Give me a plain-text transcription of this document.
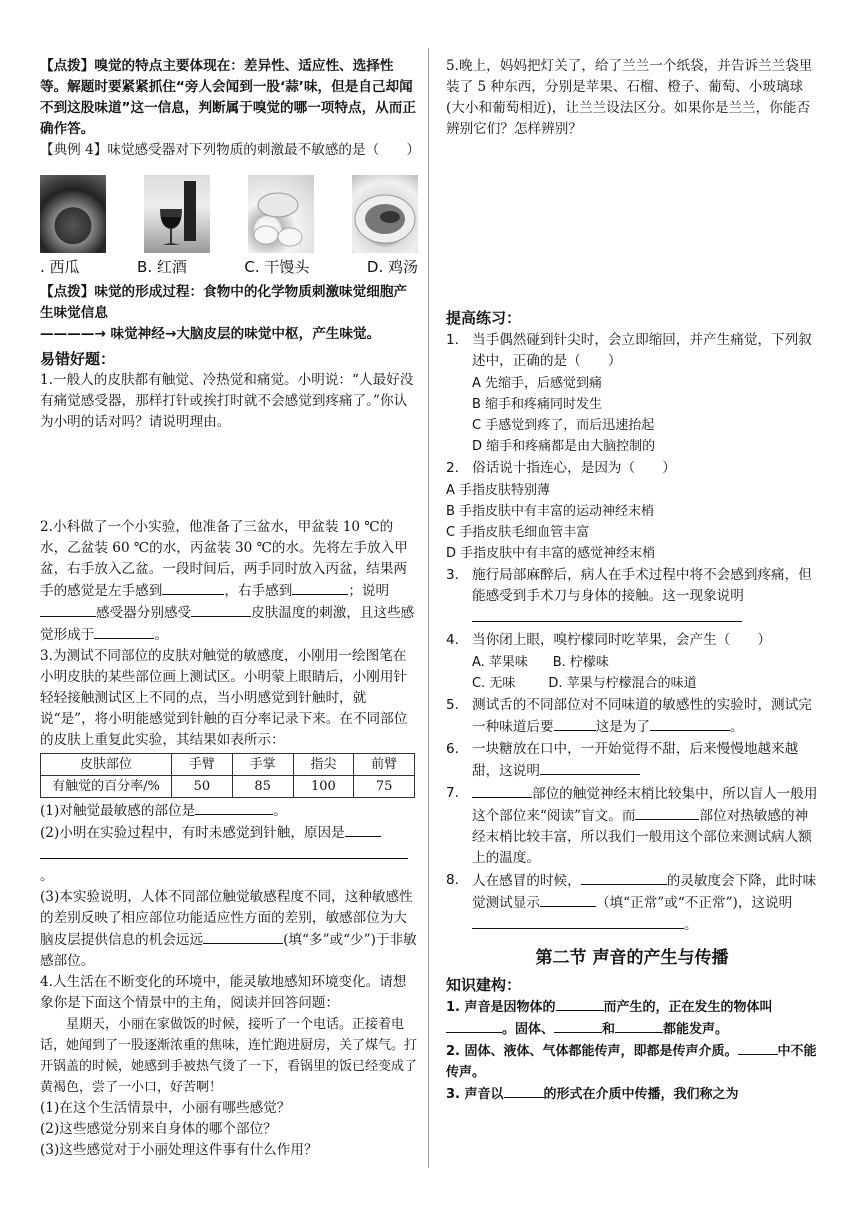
【点拨】嗅觉的特点主要体现在：差异性、适应性、选择性等。解题时要紧紧抓住“旁人会闻到一股‘蒜’味，但是自己却闻不到这股味道”这一信息，判断属于嗅觉的哪一项特点，从而正确作答。

【典例 4】味觉感受器对下列物质的刺激最不敏感的是（　　）

. 西瓜	B. 红酒	C. 干馒头	D. 鸡汤

【点拨】味觉的形成过程：食物中的化学物质刺激味觉细胞产生味觉信息

————→ 味觉神经→大脑皮层的味觉中枢，产生味觉。

易错好题：

1.一般人的皮肤都有触觉、冷热觉和痛觉。小明说：“人最好没有痛觉感受器，那样打针或挨打时就不会感觉到疼痛了。”你认为小明的话对吗？请说明理由。

2.小科做了一个小实验，他准备了三盆水，甲盆装 10 ℃的水，乙盆装 60 ℃的水，丙盆装 30 ℃的水。先将左手放入甲盆，右手放入乙盆。一段时间后，两手同时放入丙盆，结果两手的感觉是左手感到	，右手感到	；说明感受器分别感受	皮肤温度的刺激，且这些感觉形成于	。

3.为测试不同部位的皮肤对触觉的敏感度，小刚用一绘图笔在小明皮肤的某些部位画上测试区。小明蒙上眼睛后，小刚用针轻轻接触测试区上不同的点，当小明感觉到针触时，就说“是”，将小明能感觉到针触的百分率记录下来。在不同部位的皮肤上重复此实验，其结果如表所示：

皮肤部位	手臂	手掌	指尖	前臂
有触觉的百分率/%	50	85	100	75

(1)对触觉最敏感的部位是	。

(2)小明在实验过程中，有时未感觉到针触，原因是
。

(3)本实验说明，人体不同部位触觉敏感程度不同，这种敏感性的差别反映了相应部位功能适应性方面的差别，敏感部位为大脑皮层提供信息的机会远远	(填“多”或“少”)于非敏感部位。

4.人生活在不断变化的环境中，能灵敏地感知环境变化。请想象你是下面这个情景中的主角，阅读并回答问题：

星期天，小丽在家做饭的时候，接听了一个电话。正接着电话，她闻到了一股逐渐浓重的焦味，连忙跑进厨房，关了煤气。打开锅盖的时候，她感到手被热气烫了一下，看锅里的饭已经变成了黄褐色，尝了一小口，好苦啊！

(1)在这个生活情景中，小丽有哪些感觉？

(2)这些感觉分别来自身体的哪个部位？

(3)这些感觉对于小丽处理这件事有什么作用？

5.晚上，妈妈把灯关了，给了兰兰一个纸袋，并告诉兰兰袋里装了 5 种东西，分别是苹果、石榴、橙子、葡萄、小玻璃球(大小和葡萄相近)，让兰兰设法区分。如果你是兰兰，你能否辨别它们？怎样辨别？

提高练习：

1. 当手偶然碰到针尖时，会立即缩回，并产生痛觉，下列叙述中，正确的是（　　）

A 先缩手，后感觉到痛

B 缩手和疼痛同时发生

C 手感觉到疼了，而后迅速抬起

D 缩手和疼痛都是由大脑控制的

2. 俗话说十指连心，是因为（　　）

A 手指皮肤特别薄

B 手指皮肤中有丰富的运动神经末梢

C 手指皮肤毛细血管丰富

D 手指皮肤中有丰富的感觉神经末梢

3. 施行局部麻醉后，病人在手术过程中将不会感到疼痛，但能感受到手术刀与身体的接触。这一现象说明
4. 当你闭上眼，嗅柠檬同时吃苹果，会产生（　　）

A. 苹果味 B. 柠檬味

C. 无味	D. 苹果与柠檬混合的味道

5. 测试舌的不同部位对不同味道的敏感性的实验时，测试完一种味道后要	这是为了	。
6. 一块糖放在口中，一开始觉得不甜，后来慢慢地越来越甜，这说明
7.	部位的触觉神经末梢比较集中，所以盲人一般用这个部位来“阅读”盲文。而	部位对热敏感的神经末梢比较丰富，所以我们一般用这个部位来测试病人额上的温度。
8. 人在感冒的时候，	的灵敏度会下降，此时味觉测试显示	（填“正常”或“不正常”)，这说明。

第二节 声音的产生与传播

知识建构：

1. 声音是因物体的	而产生的，正在发生的物体叫。固体、	和	都能发声。

2. 固体、液体、气体都能传声，即都是传声介质。	中不能传声。

3. 声音以	的形式在介质中传播，我们称之为
